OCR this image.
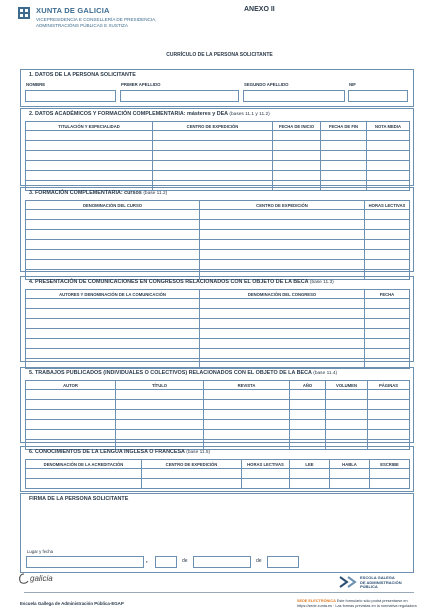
XUNTA DE GALICIA
VICEPRESIDENCIA E CONSELLERÍA DE PRESIDENCIA,
ADMINISTRACIÓNS PÚBLICAS E XUSTIZA
ANEXO II
CURRÍCULO DE LA PERSONA SOLICITANTE
1. DATOS DE LA PERSONA SOLICITANTE
NOMBRE	PRIMER APELLIDO	SEGUNDO APELLIDO	NIF
2. DATOS ACADÉMICOS Y FORMACIÓN COMPLEMENTARIA: másteres y DEA (bases 11.1 y 11.2)
TITULACIÓN Y ESPECIALIDAD	CENTRO DE EXPEDICIÓN	FECHA DE INICIO	FECHA DE FIN	NOTA MEDIA

3. FORMACIÓN COMPLEMENTARIA: cursos (base 11.2)
DENOMINACIÓN DEL CURSO	CENTRO DE EXPEDICIÓN	HORAS LECTIVAS

4. PRESENTACIÓN DE COMUNICACIONES EN CONGRESOS RELACIONADOS CON EL OBJETO DE LA BECA (base 11.3)
AUTORES Y DENOMINACIÓN DE LA COMUNICACIÓN	DENOMINACIÓN DEL CONGRESO	FECHA

5. TRABAJOS PUBLICADOS (INDIVIDUALES O COLECTIVOS) RELACIONADOS CON EL OBJETO DE LA BECA (base 11.4)
AUTOR	TÍTULO	REVISTA	AÑO	VOLUMEN	PÁGINAS

6. CONOCIMIENTOS DE LA LENGUA INGLESA O FRANCESA (base 11.5)
DENOMINACIÓN DE LA ACREDITACIÓN	CENTRO DE EXPEDICIÓN	HORAS LECTIVAS	LEE	HABLA	ESCRIBE

FIRMA DE LA PERSONA SOLICITANTE
Lugar y fecha
,	de	de
galicia	ESCOLA GALEGA
DE ADMINISTRACIÓN
PÚBLICA
Escuela Gallega de Administración Pública-EGAP	SEDE ELECTRÓNICA Este formulario sólo podrá presentarse en https://sede.xunta.es · Las formas previstas en la normativa reguladora
